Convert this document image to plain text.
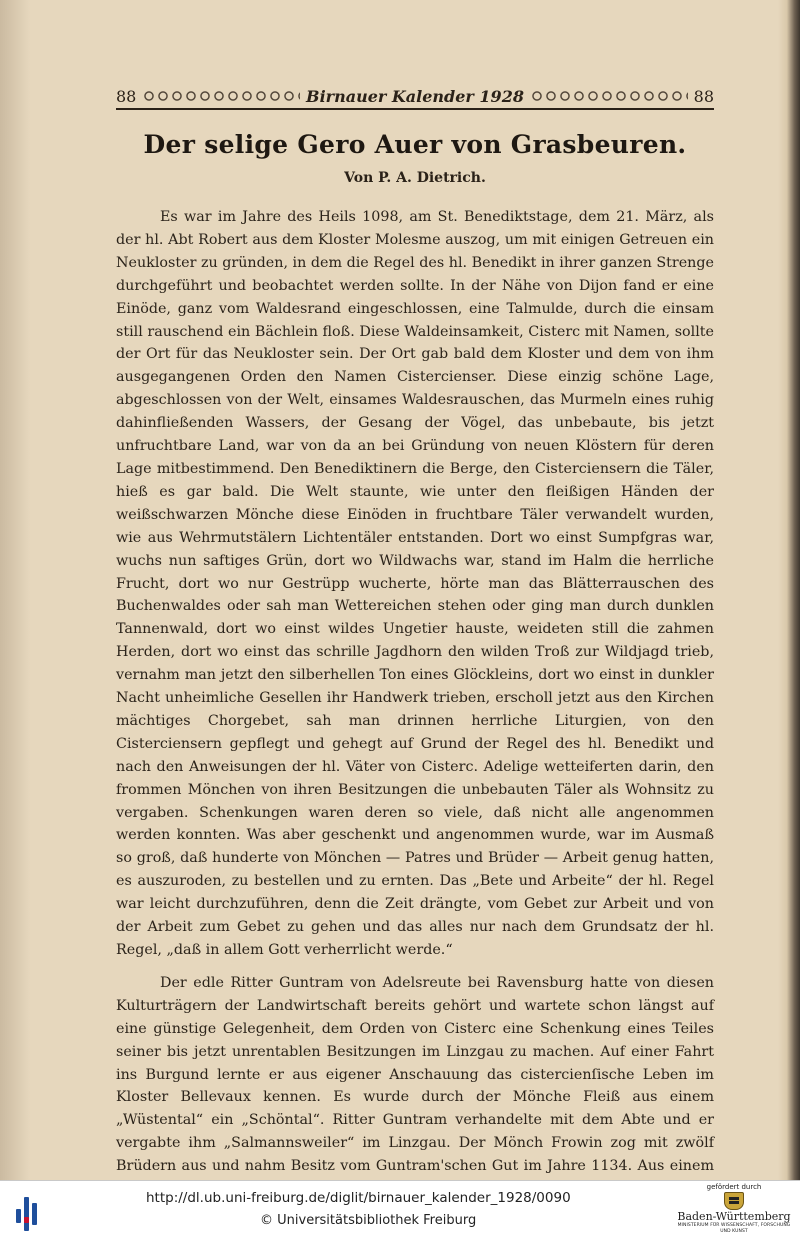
88	Birnauer Kalender 1928	88
Der selige Gero Auer von Grasbeuren.
Von P. A. Dietrich.

Es war im Jahre des Heils 1098, am St. Benediktstage, dem 21. März, als der hl. Abt Robert aus dem Kloster Molesme auszog, um mit einigen Getreuen ein Neukloster zu gründen, in dem die Regel des hl. Benedikt in ihrer ganzen Strenge durchgeführt und beobachtet werden sollte. In der Nähe von Dijon fand er eine Einöde, ganz vom Waldesrand eingeschlossen, eine Talmulde, durch die einsam still rauschend ein Bächlein floß. Diese Waldeinsamkeit, Cisterc mit Namen, sollte der Ort für das Neukloster sein. Der Ort gab bald dem Kloster und dem von ihm ausgegangenen Orden den Namen Cistercienser. Diese einzig schöne Lage, abgeschlossen von der Welt, einsames Waldesrauschen, das Murmeln eines ruhig dahinfließenden Wassers, der Gesang der Vögel, das unbebaute, bis jetzt unfruchtbare Land, war von da an bei Gründung von neuen Klöstern für deren Lage mitbestimmend. Den Benediktinern die Berge, den Cisterciensern die Täler, hieß es gar bald. Die Welt staunte, wie unter den fleißigen Händen der weißschwarzen Mönche diese Einöden in fruchtbare Täler verwandelt wurden, wie aus Wehrmutstälern Lichtentäler entstanden. Dort wo einst Sumpfgras war, wuchs nun saftiges Grün, dort wo Wildwachs war, stand im Halm die herrliche Frucht, dort wo nur Gestrüpp wucherte, hörte man das Blätterrauschen des Buchenwaldes oder sah man Wettereichen stehen oder ging man durch dunklen Tannenwald, dort wo einst wildes Ungetier hauste, weideten still die zahmen Herden, dort wo einst das schrille Jagdhorn den wilden Troß zur Wildjagd trieb, vernahm man jetzt den silberhellen Ton eines Glöckleins, dort wo einst in dunkler Nacht unheimliche Gesellen ihr Handwerk trieben, erscholl jetzt aus den Kirchen mächtiges Chorgebet, sah man drinnen herrliche Liturgien, von den Cisterciensern gepflegt und gehegt auf Grund der Regel des hl. Benedikt und nach den Anweisungen der hl. Väter von Cisterc. Adelige wetteiferten darin, den frommen Mönchen von ihren Besitzungen die unbebauten Täler als Wohnsitz zu vergaben. Schenkungen waren deren so viele, daß nicht alle angenommen werden konnten. Was aber geschenkt und angenommen wurde, war im Ausmaß so groß, daß hunderte von Mönchen — Patres und Brüder — Arbeit genug hatten, es auszuroden, zu bestellen und zu ernten. Das „Bete und Arbeite“ der hl. Regel war leicht durchzuführen, denn die Zeit drängte, vom Gebet zur Arbeit und von der Arbeit zum Gebet zu gehen und das alles nur nach dem Grundsatz der hl. Regel, „daß in allem Gott verherrlicht werde.“

Der edle Ritter Guntram von Adelsreute bei Ravensburg hatte von diesen Kulturträgern der Landwirtschaft bereits gehört und wartete schon längst auf eine günstige Gelegenheit, dem Orden von Cisterc eine Schenkung eines Teiles seiner bis jetzt unrentablen Besitzungen im Linzgau zu machen. Auf einer Fahrt ins Burgund lernte er aus eigener Anschauung das cistercienſische Leben im Kloster Bellevaux kennen. Es wurde durch der Mönche Fleiß aus einem „Wüstental“ ein „Schöntal“. Ritter Guntram verhandelte mit dem Abte und er vergabte ihm „Salmannsweiler“ im Linzgau. Der Mönch Frowin zog mit zwölf Brüdern aus und nahm Besitz vom Guntram'schen Gut im Jahre 1134. Aus einem

http://dl.ub.uni-freiburg.de/diglit/birnauer_kalender_1928/0090
© Universitätsbibliothek Freiburg
gefördert durch
Baden-Württemberg
MINISTERIUM FÜR WISSENSCHAFT, FORSCHUNG UND KUNST
